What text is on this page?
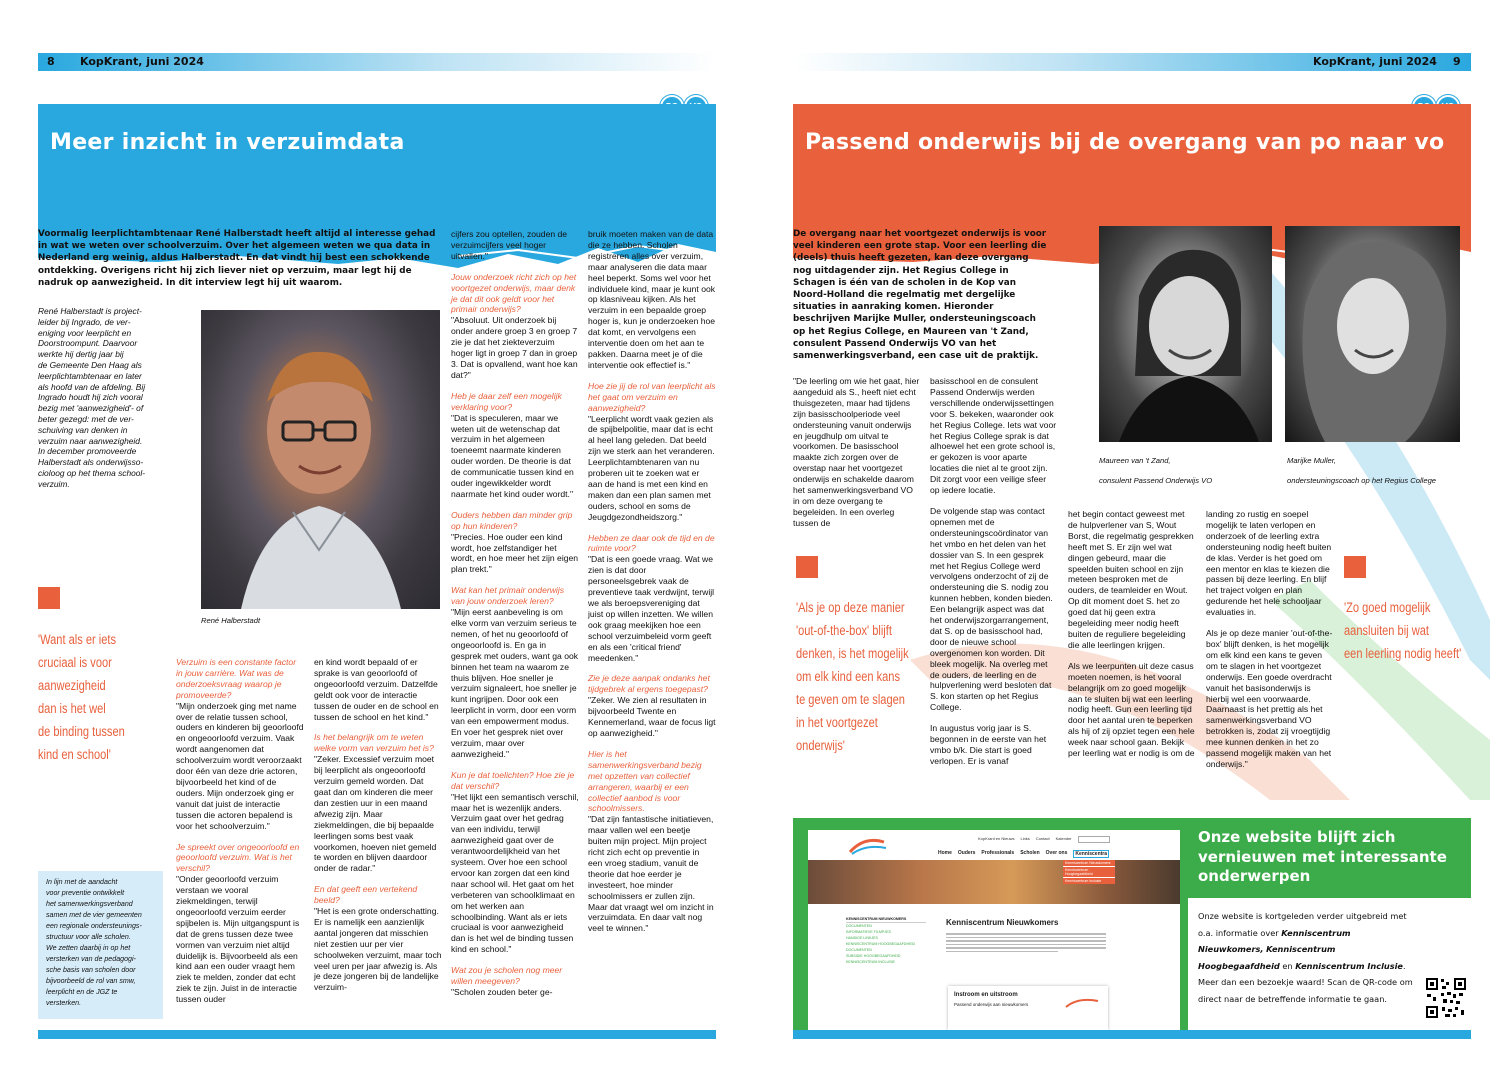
8 KopKrant, juni 2024
Meer inzicht in verzuimdata
Voormalig leerplichtambtenaar René Halberstadt heeft altijd al interesse gehad in wat we weten over schoolverzuim. Over het algemeen weten we qua data in Nederland erg weinig, aldus Halberstadt. En dat vindt hij best een schokkende ontdekking. Overigens richt hij zich liever niet op verzuim, maar legt hij de nadruk op aanwezigheid. In dit interview legt hij uit waarom.
René Halberstadt is project-
leider bij Ingrado, de ver-
eniging voor leerplicht en
Doorstroompunt. Daarvoor
werkte hij dertig jaar bij
de Gemeente Den Haag als
leerplichtambtenaar en later
als hoofd van de afdeling. Bij
Ingrado houdt hij zich vooral
bezig met 'aanwezigheid'- of
beter gezegd: met de ver-
schuiving van denken in
verzuim naar aanwezigheid.
In december promoveerde
Halberstadt als onderwijsso-
cioloog op het thema school-
verzuim.
René Halberstadt
'Want als er iets
cruciaal is voor
aanwezigheid
dan is het wel
de binding tussen
kind en school'
In lijn met de aandacht
voor preventie ontwikkelt
het samenwerkingsverband
samen met de vier gemeenten
een regionale ondersteunings-
structuur voor alle scholen.
We zetten daarbij in op het
versterken van de pedagogi-
sche basis van scholen door
bijvoorbeeld de rol van smw,
leerplicht en de JGZ te
versterken.

Verzuim is een constante factor in jouw carrière. Wat was de onderzoeksvraag waarop je promoveerde?
"Mijn onderzoek ging met name over de relatie tussen school, ouders en kinderen bij geoorloofd en ongeoorloofd verzuim. Vaak wordt aangenomen dat schoolverzuim wordt veroorzaakt door één van deze drie actoren, bijvoorbeeld het kind of de ouders. Mijn onderzoek ging er vanuit dat juist de interactie tussen die actoren bepalend is voor het schoolverzuim."

Je spreekt over ongeoorloofd en geoorloofd verzuim. Wat is het verschil?
"Onder geoorloofd verzuim verstaan we vooral ziekmeldingen, terwijl ongeoorloofd verzuim eerder spijbelen is. Mijn uitgangspunt is dat de grens tussen deze twee vormen van verzuim niet altijd duidelijk is. Bijvoorbeeld als een kind aan een ouder vraagt hem ziek te melden, zonder dat echt ziek te zijn. Juist in de interactie tussen ouder

en kind wordt bepaald of er sprake is van geoorloofd of ongeoorloofd verzuim. Datzelfde geldt ook voor de interactie tussen de ouder en de school en tussen de school en het kind."

Is het belangrijk om te weten welke vorm van verzuim het is?
"Zeker. Excessief verzuim moet bij leerplicht als ongeoorloofd verzuim gemeld worden. Dat gaat dan om kinderen die meer dan zestien uur in een maand afwezig zijn. Maar ziekmeldingen, die bij bepaalde leerlingen soms best vaak voorkomen, hoeven niet gemeld te worden en blijven daardoor onder de radar."

En dat geeft een vertekend beeld?
"Het is een grote onderschatting. Er is namelijk een aanzienlijk aantal jongeren dat misschien niet zestien uur per vier schoolweken verzuimt, maar toch veel uren per jaar afwezig is. Als je deze jongeren bij de landelijke verzuim-

cijfers zou optellen, zouden de verzuimcijfers veel hoger uitvallen."

Jouw onderzoek richt zich op het voortgezet onderwijs, maar denk je dat dit ook geldt voor het primair onderwijs?
"Absoluut. Uit onderzoek bij onder andere groep 3 en groep 7 zie je dat het ziekteverzuim hoger ligt in groep 7 dan in groep 3. Dat is opvallend, want hoe kan dat?"

Heb je daar zelf een mogelijk verklaring voor?
"Dat is speculeren, maar we weten uit de wetenschap dat verzuim in het algemeen toeneemt naarmate kinderen ouder worden. De theorie is dat de communicatie tussen kind en ouder ingewikkelder wordt naarmate het kind ouder wordt."

Ouders hebben dan minder grip op hun kinderen?
"Precies. Hoe ouder een kind wordt, hoe zelfstandiger het wordt, en hoe meer het zijn eigen plan trekt."

Wat kan het primair onderwijs van jouw onderzoek leren?
"Mijn eerst aanbeveling is om elke vorm van verzuim serieus te nemen, of het nu geoorloofd of ongeoorloofd is. En ga in gesprek met ouders, want ga ook binnen het team na waarom ze thuis blijven. Hoe sneller je verzuim signaleert, hoe sneller je kunt ingrijpen. Door ook een leerplicht in vorm, door een vorm van een empowerment modus. En voer het gesprek niet over verzuim, maar over aanwezigheid."

Kun je dat toelichten? Hoe zie je dat verschil?
"Het lijkt een semantisch verschil, maar het is wezenlijk anders. Verzuim gaat over het gedrag van een individu, terwijl aanwezigheid gaat over de verantwoordelijkheid van het systeem. Over hoe een school ervoor kan zorgen dat een kind naar school wil. Het gaat om het verbeteren van schoolklimaat en om het werken aan schoolbinding. Want als er iets cruciaal is voor aanwezigheid dan is het wel de binding tussen kind en school."

Wat zou je scholen nog meer willen meegeven?
"Scholen zouden beter ge-

bruik moeten maken van de data die ze hebben. Scholen registreren alles over verzuim, maar analyseren die data maar heel beperkt. Soms wel voor het individuele kind, maar je kunt ook op klasniveau kijken. Als het verzuim in een bepaalde groep hoger is, kun je onderzoeken hoe dat komt, en vervolgens een interventie doen om het aan te pakken. Daarna meet je of die interventie ook effectief is."

Hoe zie jij de rol van leerplicht als het gaat om verzuim en aanwezigheid?
"Leerplicht wordt vaak gezien als de spijbelpolitie, maar dat is echt al heel lang geleden. Dat beeld zijn we sterk aan het veranderen. Leerplichtambtenaren van nu proberen uit te zoeken wat er aan de hand is met een kind en maken dan een plan samen met ouders, school en soms de Jeugdgezondheidszorg."

Hebben ze daar ook de tijd en de ruimte voor?
"Dat is een goede vraag. Wat we zien is dat door personeelsgebrek vaak de preventieve taak verdwijnt, terwijl we als beroepsvereniging dat juist op willen inzetten. We willen ook graag meekijken hoe een school verzuimbeleid vorm geeft en als een 'critical friend' meedenken."

Zie je deze aanpak ondanks het tijdgebrek al ergens toegepast?
"Zeker. We zien al resultaten in bijvoorbeeld Twente en Kennemerland, waar de focus ligt op aanwezigheid."

Hier is het samenwerkingsverband bezig met opzetten van collectief arrangeren, waarbij er een collectief aanbod is voor schoolmissers.
"Dat zijn fantastische initiatieven, maar vallen wel een beetje buiten mijn project. Mijn project richt zich echt op preventie in een vroeg stadium, vanuit de theorie dat hoe eerder je investeert, hoe minder schoolmissers er zullen zijn. Maar dat vraagt wel om inzicht in verzuimdata. En daar valt nog veel te winnen."

KopKrant, juni 2024 9
Passend onderwijs bij de overgang van po naar vo
De overgang naar het voortgezet onderwijs is voor veel kinderen een grote stap. Voor een leerling die (deels) thuis heeft gezeten, kan deze overgang nog uitdagender zijn. Het Regius College in Schagen is één van de scholen in de Kop van Noord-Holland die regelmatig met dergelijke situaties in aanraking komen. Hieronder beschrijven Marijke Muller, ondersteuningscoach op het Regius College, en Maureen van 't Zand, consulent Passend Onderwijs VO van het samenwerkingsverband, een case uit de praktijk.

Maureen van 't Zand,

consulent Passend Onderwijs VO

Marijke Muller,

ondersteuningscoach op het Regius College

"De leerling om wie het gaat, hier aangeduid als S., heeft niet echt thuisgezeten, maar had tijdens zijn basisschoolperiode veel ondersteuning vanuit onderwijs en jeugdhulp om uitval te voorkomen. De basisschool maakte zich zorgen over de overstap naar het voortgezet onderwijs en schakelde daarom het samenwerkingsverband VO in om deze overgang te begeleiden. In een overleg tussen de

basisschool en de consulent Passend Onderwijs werden verschillende onderwijssettingen voor S. bekeken, waaronder ook het Regius College. Iets wat voor het Regius College sprak is dat alhoewel het een grote school is, er gekozen is voor aparte locaties die niet al te groot zijn. Dit zorgt voor een veilige sfeer op iedere locatie.

De volgende stap was contact opnemen met de ondersteuningscoördinator van het vmbo en het delen van het dossier van S. In een gesprek met het Regius College werd vervolgens onderzocht of zij de ondersteuning die S. nodig zou kunnen hebben, konden bieden. Een belangrijk aspect was dat het onderwijszorgarrangement, dat S. op de basisschool had, door de nieuwe school overgenomen kon worden. Dit bleek mogelijk. Na overleg met de ouders, de leerling en de hulpverlening werd besloten dat S. kon starten op het Regius College.

In augustus vorig jaar is S. begonnen in de eerste van het vmbo b/k. Die start is goed verlopen. Er is vanaf

het begin contact geweest met de hulpverlener van S, Wout Borst, die regelmatig gesprekken heeft met S. Er zijn wel wat dingen gebeurd, maar die speelden buiten school en zijn meteen besproken met de ouders, de teamleider en Wout. Op dit moment doet S. het zo goed dat hij geen extra begeleiding meer nodig heeft buiten de reguliere begeleiding die alle leerlingen krijgen.

Als we leerpunten uit deze casus moeten noemen, is het vooral belangrijk om zo goed mogelijk aan te sluiten bij wat een leerling nodig heeft. Gun een leerling tijd door het aantal uren te beperken als hij of zij opziet tegen een hele week naar school gaan. Bekijk per leerling wat er nodig is om de

landing zo rustig en soepel mogelijk te laten verlopen en onderzoek of de leerling extra ondersteuning nodig heeft buiten de klas. Verder is het goed om een mentor en klas te kiezen die passen bij deze leerling. En blijf het traject volgen en plan gedurende het hele schooljaar evaluaties in.

Als je op deze manier 'out-of-the-box' blijft denken, is het mogelijk om elk kind een kans te geven om te slagen in het voortgezet onderwijs. Een goede overdracht vanuit het basisonderwijs is hierbij wel een voorwaarde. Daarnaast is het prettig als het samenwerkingsverband VO betrokken is, zodat zij vroegtijdig mee kunnen denken in het zo passend mogelijk maken van het onderwijs."

'Als je op deze manier
'out-of-the-box' blijft
denken, is het mogelijk
om elk kind een kans
te geven om te slagen
in het voortgezet
onderwijs'
'Zo goed mogelijk
aansluiten bij wat
een leerling nodig heeft'
KopKrant en Nieuws Links Contact Kalender
Home Ouders Professionals Scholen Over ons	Kenniscentra
Kenniscentrum Nieuwkomers
Kenniscentrum Hoogbegaafdheid
Kenniscentrum Inclusie
KENNISCENTRUM NIEUWKOMERS
DOCUMENTEN
INFORMATIEVE FILMPJES
HANDIGE LINKJES
KENNISCENTRUM HOOGBEGAAFDHEID
DOCUMENTEN
SUBSIDIE HOOGBEGAAFDHEID
KENNISCENTRUM INCLUSIE
Kenniscentrum Nieuwkomers
Instroom en uitstroom
Passend onderwijs aan nieuwkomers
Onze website blijft zich vernieuwen met interessante onderwerpen
Onze website is kortgeleden verder uitgebreid met o.a. informatie over Kenniscentrum Nieuwkomers, Kenniscentrum Hoogbegaafdheid en Kenniscentrum Inclusie. Meer dan een bezoekje waard! Scan de QR-code om direct naar de betreffende informatie te gaan.
